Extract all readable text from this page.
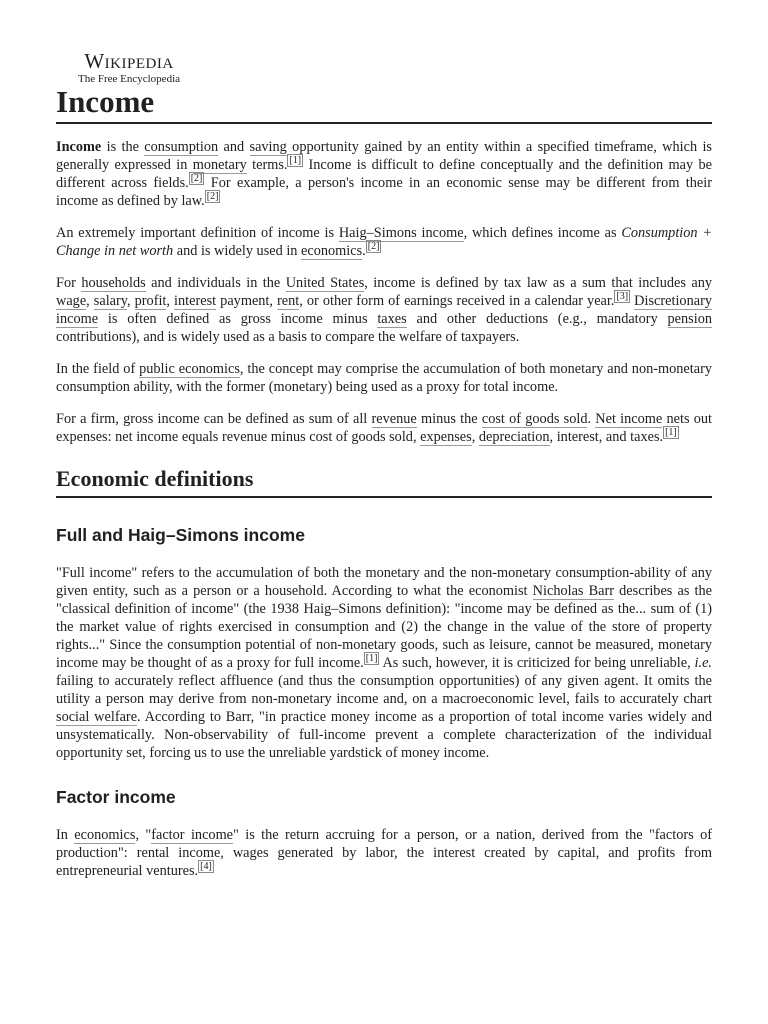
Wikipedia
The Free Encyclopedia
Income

Income is the consumption and saving opportunity gained by an entity within a specified timeframe, which is generally expressed in monetary terms. [1] Income is difficult to define conceptually and the definition may be different across fields. [2] For example, a person's income in an economic sense may be different from their income as defined by law. [2]

An extremely important definition of income is Haig–Simons income, which defines income as Consumption + Change in net worth and is widely used in economics. [2]

For households and individuals in the United States, income is defined by tax law as a sum that includes any wage, salary, profit, interest payment, rent, or other form of earnings received in a calendar year. [3] Discretionary income is often defined as gross income minus taxes and other deductions (e.g., mandatory pension contributions), and is widely used as a basis to compare the welfare of taxpayers.

In the field of public economics, the concept may comprise the accumulation of both monetary and non-monetary consumption ability, with the former (monetary) being used as a proxy for total income.

For a firm, gross income can be defined as sum of all revenue minus the cost of goods sold. Net income nets out expenses: net income equals revenue minus cost of goods sold, expenses, depreciation, interest, and taxes. [1]

Economic definitions
Full and Haig–Simons income

"Full income" refers to the accumulation of both the monetary and the non-monetary consumption-ability of any given entity, such as a person or a household. According to what the economist Nicholas Barr describes as the "classical definition of income" (the 1938 Haig–Simons definition): "income may be defined as the... sum of (1) the market value of rights exercised in consumption and (2) the change in the value of the store of property rights..." Since the consumption potential of non-monetary goods, such as leisure, cannot be measured, monetary income may be thought of as a proxy for full income. [1] As such, however, it is criticized for being unreliable, i.e. failing to accurately reflect affluence (and thus the consumption opportunities) of any given agent. It omits the utility a person may derive from non-monetary income and, on a macroeconomic level, fails to accurately chart social welfare. According to Barr, "in practice money income as a proportion of total income varies widely and unsystematically. Non-observability of full-income prevent a complete characterization of the individual opportunity set, forcing us to use the unreliable yardstick of money income.

Factor income

In economics, "factor income" is the return accruing for a person, or a nation, derived from the "factors of production": rental income, wages generated by labor, the interest created by capital, and profits from entrepreneurial ventures. [4]
